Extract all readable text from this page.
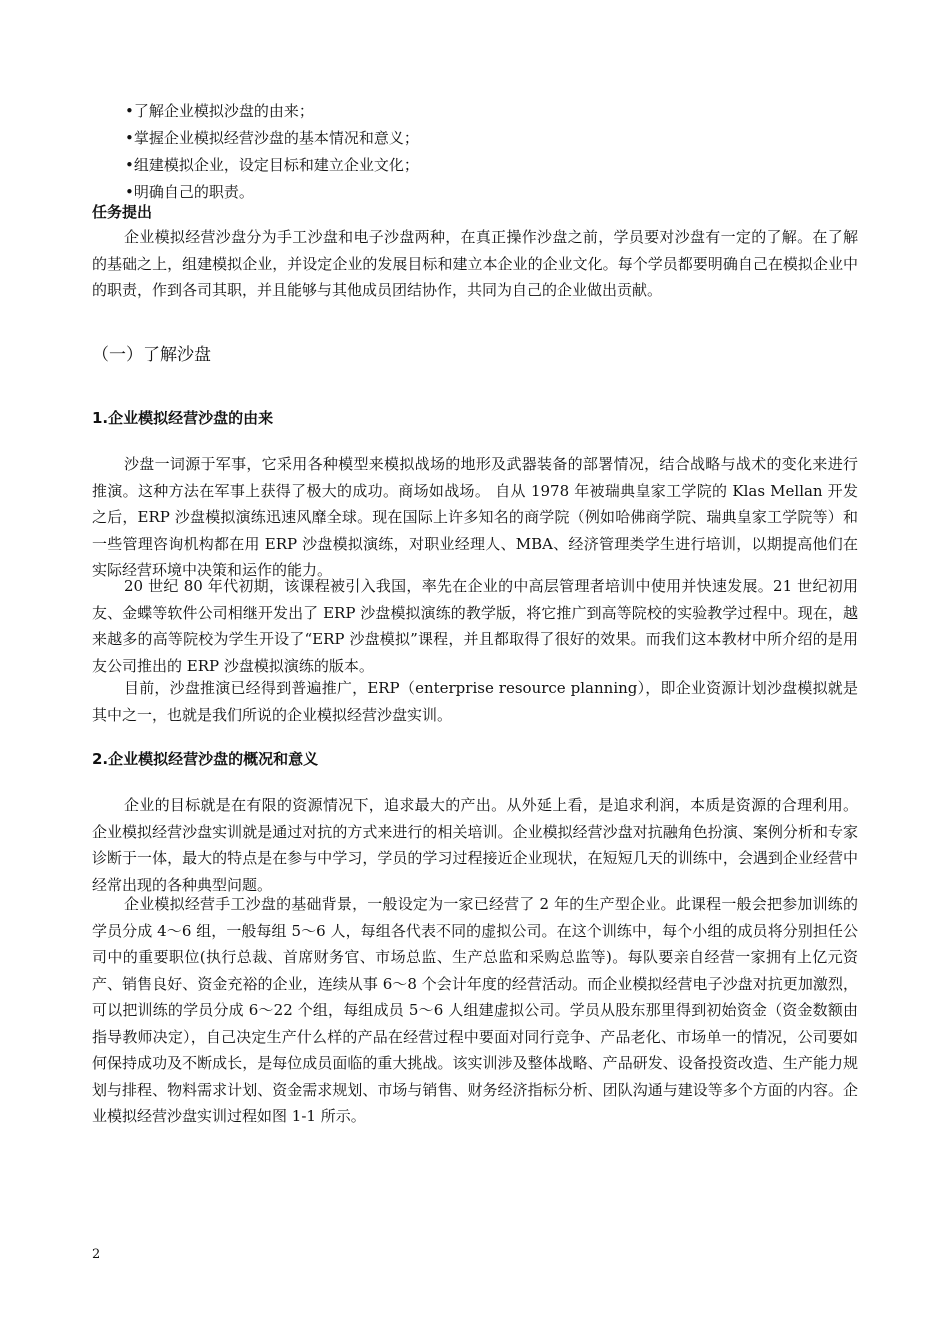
•了解企业模拟沙盘的由来；
•掌握企业模拟经营沙盘的基本情况和意义；
•组建模拟企业，设定目标和建立企业文化；
•明确自己的职责。
任务提出

企业模拟经营沙盘分为手工沙盘和电子沙盘两种，在真正操作沙盘之前，学员要对沙盘有一定的了解。在了解的基础之上，组建模拟企业，并设定企业的发展目标和建立本企业的企业文化。每个学员都要明确自己在模拟企业中的职责，作到各司其职，并且能够与其他成员团结协作，共同为自己的企业做出贡献。

（一）了解沙盘
1.企业模拟经营沙盘的由来

沙盘一词源于军事，它采用各种模型来模拟战场的地形及武器装备的部署情况，结合战略与战术的变化来进行推演。这种方法在军事上获得了极大的成功。商场如战场。 自从 1978 年被瑞典皇家工学院的 Klas Mellan 开发之后，ERP 沙盘模拟演练迅速风靡全球。现在国际上许多知名的商学院（例如哈佛商学院、瑞典皇家工学院等）和一些管理咨询机构都在用 ERP 沙盘模拟演练，对职业经理人、MBA、经济管理类学生进行培训，以期提高他们在实际经营环境中决策和运作的能力。

20 世纪 80 年代初期，该课程被引入我国，率先在企业的中高层管理者培训中使用并快速发展。21 世纪初用友、金蝶等软件公司相继开发出了 ERP 沙盘模拟演练的教学版，将它推广到高等院校的实验教学过程中。现在，越来越多的高等院校为学生开设了“ERP 沙盘模拟”课程，并且都取得了很好的效果。而我们这本教材中所介绍的是用友公司推出的 ERP 沙盘模拟演练的版本。

目前，沙盘推演已经得到普遍推广，ERP（enterprise resource planning），即企业资源计划沙盘模拟就是其中之一，也就是我们所说的企业模拟经营沙盘实训。

2.企业模拟经营沙盘的概况和意义

企业的目标就是在有限的资源情况下，追求最大的产出。从外延上看，是追求利润，本质是资源的合理利用。企业模拟经营沙盘实训就是通过对抗的方式来进行的相关培训。企业模拟经营沙盘对抗融角色扮演、案例分析和专家诊断于一体，最大的特点是在参与中学习，学员的学习过程接近企业现状，在短短几天的训练中，会遇到企业经营中经常出现的各种典型问题。

企业模拟经营手工沙盘的基础背景，一般设定为一家已经营了 2 年的生产型企业。此课程一般会把参加训练的学员分成 4～6 组，一般每组 5～6 人，每组各代表不同的虚拟公司。在这个训练中，每个小组的成员将分别担任公司中的重要职位(执行总裁、首席财务官、市场总监、生产总监和采购总监等)。每队要亲自经营一家拥有上亿元资产、销售良好、资金充裕的企业，连续从事 6～8 个会计年度的经营活动。而企业模拟经营电子沙盘对抗更加激烈，可以把训练的学员分成 6～22 个组，每组成员 5～6 人组建虚拟公司。学员从股东那里得到初始资金（资金数额由指导教师决定），自己决定生产什么样的产品在经营过程中要面对同行竞争、产品老化、市场单一的情况，公司要如何保持成功及不断成长，是每位成员面临的重大挑战。该实训涉及整体战略、产品研发、设备投资改造、生产能力规划与排程、物料需求计划、资金需求规划、市场与销售、财务经济指标分析、团队沟通与建设等多个方面的内容。企业模拟经营沙盘实训过程如图 1-1 所示。

2
